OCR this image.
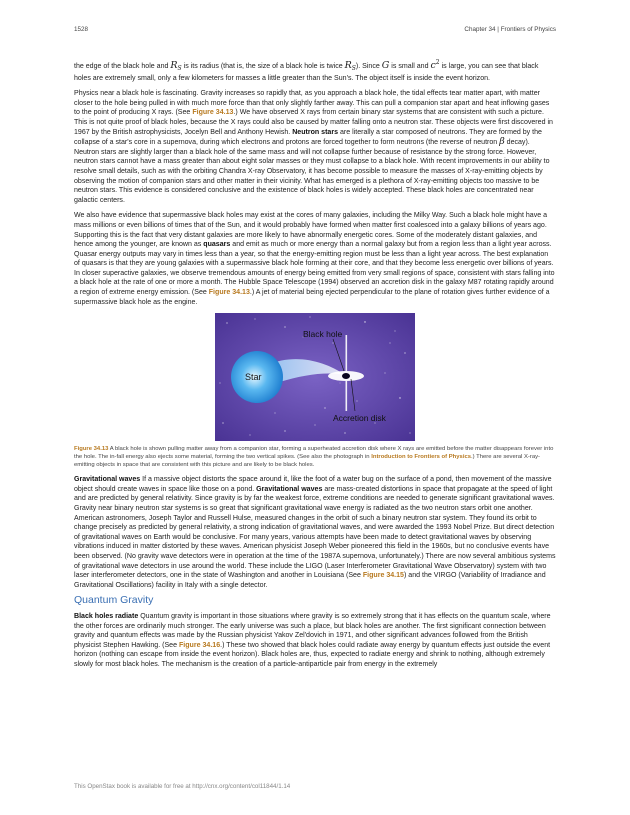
1528	Chapter 34 | Frontiers of Physics

the edge of the black hole and RS is its radius (that is, the size of a black hole is twice RS). Since G is small and c2 is large, you can see that black holes are extremely small, only a few kilometers for masses a little greater than the Sun's. The object itself is inside the event horizon.

Physics near a black hole is fascinating. Gravity increases so rapidly that, as you approach a black hole, the tidal effects tear matter apart, with matter closer to the hole being pulled in with much more force than that only slightly farther away. This can pull a companion star apart and heat inflowing gases to the point of producing X rays. (See Figure 34.13.) We have observed X rays from certain binary star systems that are consistent with such a picture. This is not quite proof of black holes, because the X rays could also be caused by matter falling onto a neutron star. These objects were first discovered in 1967 by the British astrophysicists, Jocelyn Bell and Anthony Hewish. Neutron stars are literally a star composed of neutrons. They are formed by the collapse of a star's core in a supernova, during which electrons and protons are forced together to form neutrons (the reverse of neutron β decay). Neutron stars are slightly larger than a black hole of the same mass and will not collapse further because of resistance by the strong force. However, neutron stars cannot have a mass greater than about eight solar masses or they must collapse to a black hole. With recent improvements in our ability to resolve small details, such as with the orbiting Chandra X-ray Observatory, it has become possible to measure the masses of X-ray-emitting objects by observing the motion of companion stars and other matter in their vicinity. What has emerged is a plethora of X-ray-emitting objects too massive to be neutron stars. This evidence is considered conclusive and the existence of black holes is widely accepted. These black holes are concentrated near galactic centers.

We also have evidence that supermassive black holes may exist at the cores of many galaxies, including the Milky Way. Such a black hole might have a mass millions or even billions of times that of the Sun, and it would probably have formed when matter first coalesced into a galaxy billions of years ago. Supporting this is the fact that very distant galaxies are more likely to have abnormally energetic cores. Some of the moderately distant galaxies, and hence among the younger, are known as quasars and emit as much or more energy than a normal galaxy but from a region less than a light year across. Quasar energy outputs may vary in times less than a year, so that the energy-emitting region must be less than a light year across. The best explanation of quasars is that they are young galaxies with a supermassive black hole forming at their core, and that they become less energetic over billions of years. In closer superactive galaxies, we observe tremendous amounts of energy being emitted from very small regions of space, consistent with stars falling into a black hole at the rate of one or more a month. The Hubble Space Telescope (1994) observed an accretion disk in the galaxy M87 rotating rapidly around a region of extreme energy emission. (See Figure 34.13.) A jet of material being ejected perpendicular to the plane of rotation gives further evidence of a supermassive black hole as the engine.

Black hole
Star
Accretion disk

Figure 34.13 A black hole is shown pulling matter away from a companion star, forming a superheated accretion disk where X rays are emitted before the matter disappears forever into the hole. The in-fall energy also ejects some material, forming the two vertical spikes. (See also the photograph in Introduction to Frontiers of Physics.) There are several X-ray-emitting objects in space that are consistent with this picture and are likely to be black holes.

Gravitational waves If a massive object distorts the space around it, like the foot of a water bug on the surface of a pond, then movement of the massive object should create waves in space like those on a pond. Gravitational waves are mass-created distortions in space that propagate at the speed of light and are predicted by general relativity. Since gravity is by far the weakest force, extreme conditions are needed to generate significant gravitational waves. Gravity near binary neutron star systems is so great that significant gravitational wave energy is radiated as the two neutron stars orbit one another. American astronomers, Joseph Taylor and Russell Hulse, measured changes in the orbit of such a binary neutron star system. They found its orbit to change precisely as predicted by general relativity, a strong indication of gravitational waves, and were awarded the 1993 Nobel Prize. But direct detection of gravitational waves on Earth would be conclusive. For many years, various attempts have been made to detect gravitational waves by observing vibrations induced in matter distorted by these waves. American physicist Joseph Weber pioneered this field in the 1960s, but no conclusive events have been observed. (No gravity wave detectors were in operation at the time of the 1987A supernova, unfortunately.) There are now several ambitious systems of gravitational wave detectors in use around the world. These include the LIGO (Laser Interferometer Gravitational Wave Observatory) system with two laser interferometer detectors, one in the state of Washington and another in Louisiana (See Figure 34.15) and the VIRGO (Variability of Irradiance and Gravitational Oscillations) facility in Italy with a single detector.

Quantum Gravity

Black holes radiate Quantum gravity is important in those situations where gravity is so extremely strong that it has effects on the quantum scale, where the other forces are ordinarily much stronger. The early universe was such a place, but black holes are another. The first significant connection between gravity and quantum effects was made by the Russian physicist Yakov Zel'dovich in 1971, and other significant advances followed from the British physicist Stephen Hawking. (See Figure 34.16.) These two showed that black holes could radiate away energy by quantum effects just outside the event horizon (nothing can escape from inside the event horizon). Black holes are, thus, expected to radiate energy and shrink to nothing, although extremely slowly for most black holes. The mechanism is the creation of a particle-antiparticle pair from energy in the extremely

This OpenStax book is available for free at http://cnx.org/content/col11844/1.14
